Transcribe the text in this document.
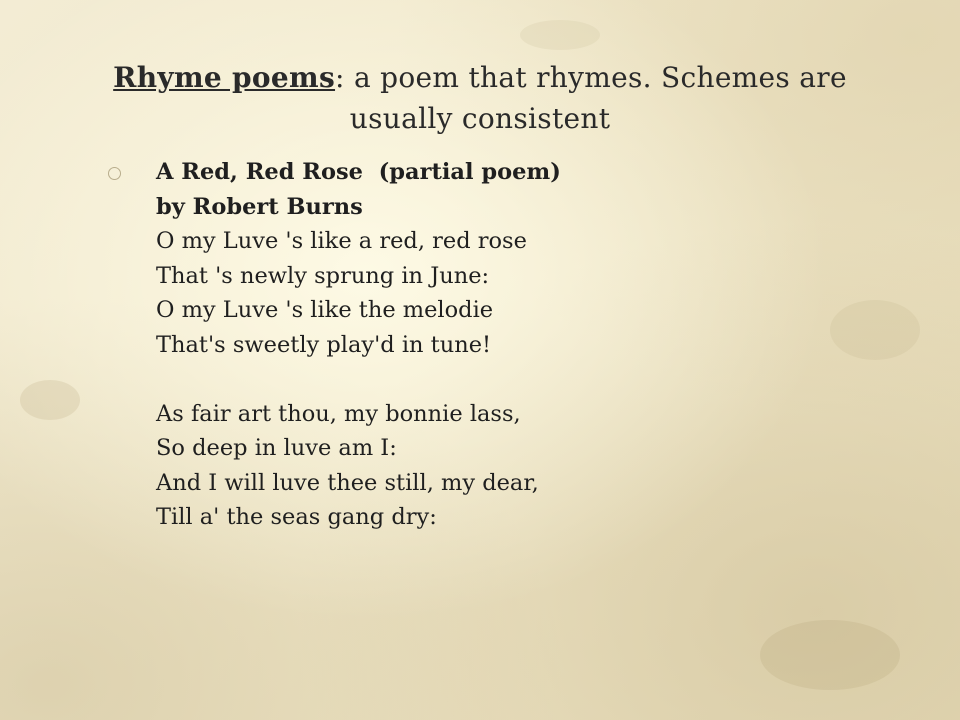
Rhyme poems: a poem that rhymes. Schemes are usually consistent
A Red, Red Rose  (partial poem)
by Robert Burns
O my Luve 's like a red, red rose
That 's newly sprung in June:
O my Luve 's like the melodie
That's sweetly play'd in tune!
As fair art thou, my bonnie lass,
So deep in luve am I:
And I will luve thee still, my dear,
Till a' the seas gang dry:
